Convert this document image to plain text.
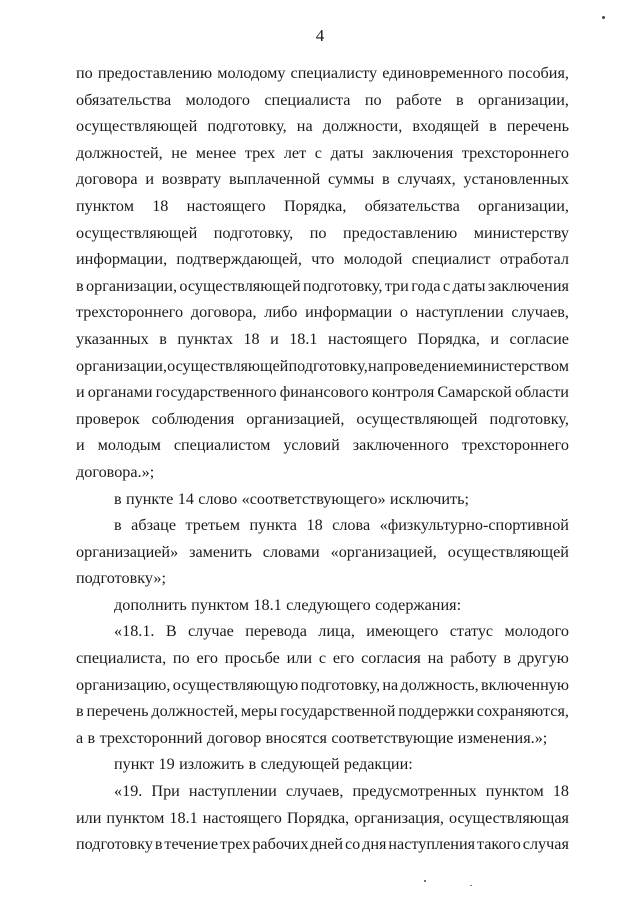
4
по предоставлению молодому специалисту единовременного пособия,
обязательства молодого специалиста по работе в организации,
осуществляющей подготовку, на должности, входящей в перечень
должностей, не менее трех лет с даты заключения трехстороннего
договора и возврату выплаченной суммы в случаях, установленных
пунктом 18 настоящего Порядка, обязательства организации,
осуществляющей подготовку, по предоставлению министерству
информации, подтверждающей, что молодой специалист отработал
в организации, осуществляющей подготовку, три года с даты заключения
трехстороннего договора, либо информации о наступлении случаев,
указанных в пунктах 18 и 18.1 настоящего Порядка, и согласие
организации, осуществляющей подготовку, на проведение министерством
и органами государственного финансового контроля Самарской области
проверок соблюдения организацией, осуществляющей подготовку,
и молодым специалистом условий заключенного трехстороннего
договора.»;
в пункте 14 слово «соответствующего» исключить;
в абзаце третьем пункта 18 слова «физкультурно-спортивной
организацией» заменить словами «организацией, осуществляющей
подготовку»;
дополнить пунктом 18.1 следующего содержания:
«18.1. В случае перевода лица, имеющего статус молодого
специалиста, по его просьбе или с его согласия на работу в другую
организацию, осуществляющую подготовку, на должность, включенную
в перечень должностей, меры государственной поддержки сохраняются,
а в трехсторонний договор вносятся соответствующие изменения.»;
пункт 19 изложить в следующей редакции:
«19. При наступлении случаев, предусмотренных пунктом 18
или пунктом 18.1 настоящего Порядка, организация, осуществляющая
подготовку в течение трех рабочих дней со дня наступления такого случая
